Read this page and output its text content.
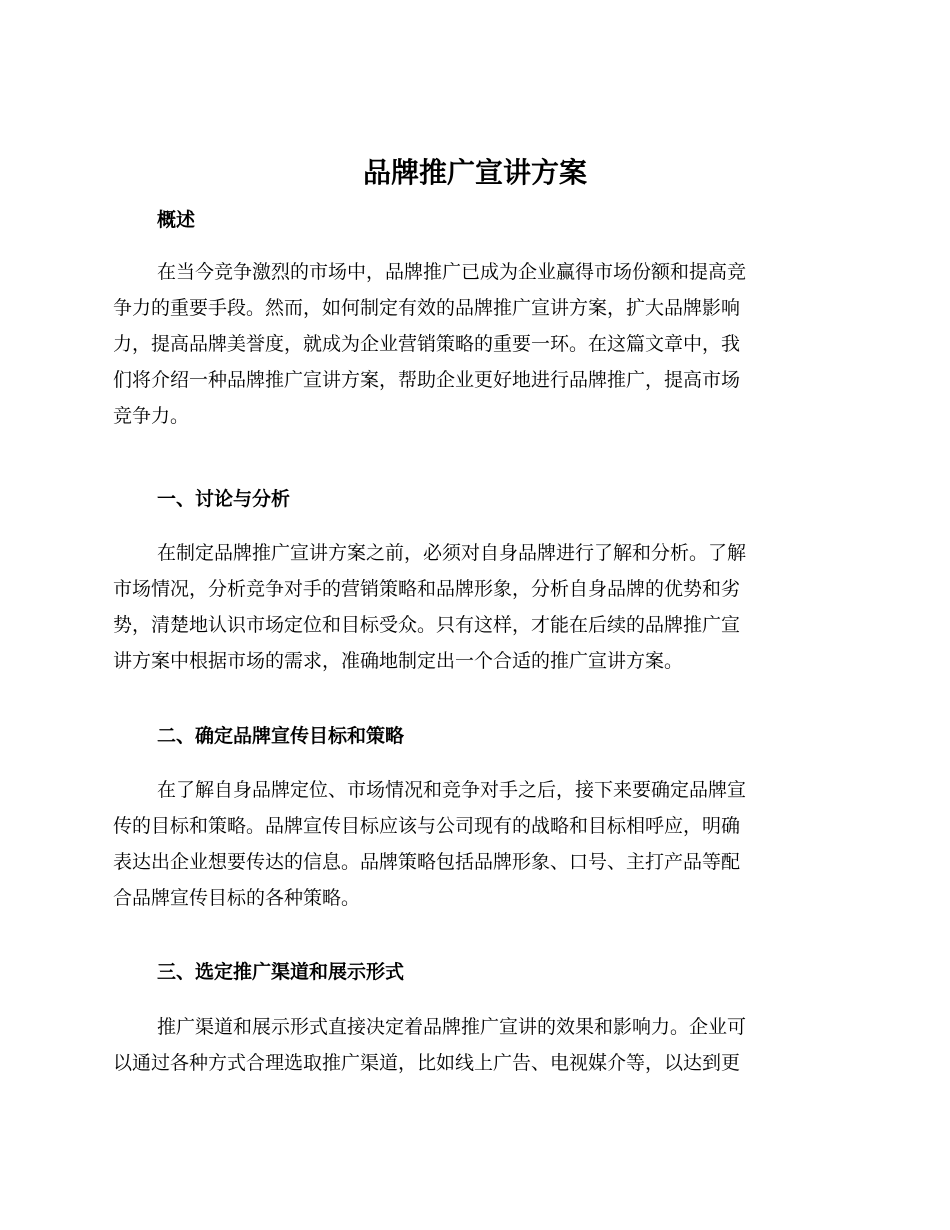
品牌推广宣讲方案
概述
在当今竞争激烈的市场中，品牌推广已成为企业赢得市场份额和提高竞
争力的重要手段。然而，如何制定有效的品牌推广宣讲方案，扩大品牌影响
力，提高品牌美誉度，就成为企业营销策略的重要一环。在这篇文章中，我
们将介绍一种品牌推广宣讲方案，帮助企业更好地进行品牌推广，提高市场
竞争力。
一、讨论与分析
在制定品牌推广宣讲方案之前，必须对自身品牌进行了解和分析。了解
市场情况，分析竞争对手的营销策略和品牌形象，分析自身品牌的优势和劣
势，清楚地认识市场定位和目标受众。只有这样，才能在后续的品牌推广宣
讲方案中根据市场的需求，准确地制定出一个合适的推广宣讲方案。
二、确定品牌宣传目标和策略
在了解自身品牌定位、市场情况和竞争对手之后，接下来要确定品牌宣
传的目标和策略。品牌宣传目标应该与公司现有的战略和目标相呼应，明确
表达出企业想要传达的信息。品牌策略包括品牌形象、口号、主打产品等配
合品牌宣传目标的各种策略。
三、选定推广渠道和展示形式
推广渠道和展示形式直接决定着品牌推广宣讲的效果和影响力。企业可
以通过各种方式合理选取推广渠道，比如线上广告、电视媒介等，以达到更
